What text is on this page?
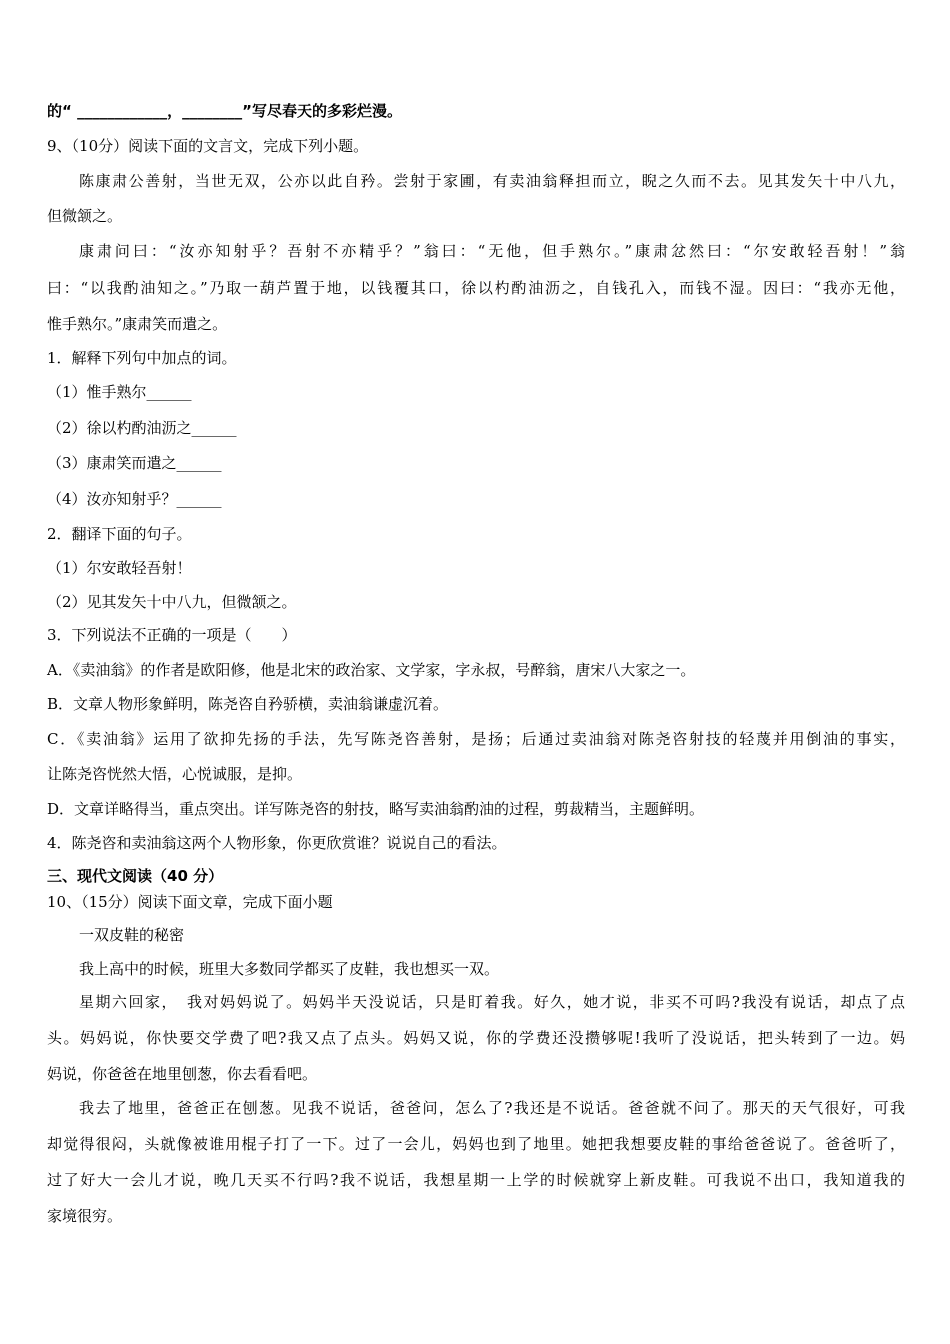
的“ ____________，________”写尽春天的多彩烂漫。
9、（10分）阅读下面的文言文，完成下列小题。
陈康肃公善射，当世无双，公亦以此自矜。尝射于家圃，有卖油翁释担而立，睨之久而不去。见其发矢十中八九，
但微颔之。
康肃问曰：“汝亦知射乎？吾射不亦精乎？”翁曰：“无他，但手熟尔。”康肃忿然曰：“尔安敢轻吾射！”翁
曰：“以我酌油知之。”乃取一葫芦置于地，以钱覆其口，徐以杓酌油沥之，自钱孔入，而钱不湿。因曰：“我亦无他，
惟手熟尔。”康肃笑而遣之。
1．解释下列句中加点的词。
（1）惟手熟尔______
（2）徐以杓酌油沥之______
（3）康肃笑而遣之______
（4）汝亦知射乎？______
2．翻译下面的句子。
（1）尔安敢轻吾射！
（2）见其发矢十中八九，但微颔之。
3．下列说法不正确的一项是（　　）
A．《卖油翁》的作者是欧阳修，他是北宋的政治家、文学家，字永叔，号醉翁，唐宋八大家之一。
B．文章人物形象鲜明，陈尧咨自矜骄横，卖油翁谦虚沉着。
C．《卖油翁》运用了欲抑先扬的手法，先写陈尧咨善射，是扬；后通过卖油翁对陈尧咨射技的轻蔑并用倒油的事实，
让陈尧咨恍然大悟，心悦诚服，是抑。
D．文章详略得当，重点突出。详写陈尧咨的射技，略写卖油翁酌油的过程，剪裁精当，主题鲜明。
4．陈尧咨和卖油翁这两个人物形象，你更欣赏谁？说说自己的看法。
三、现代文阅读（40 分）
10、（15分）阅读下面文章，完成下面小题
一双皮鞋的秘密
我上高中的时候，班里大多数同学都买了皮鞋，我也想买一双。
星期六回家，　我对妈妈说了。妈妈半天没说话，只是盯着我。好久，她才说，非买不可吗?我没有说话，却点了点
头。妈妈说，你快要交学费了吧?我又点了点头。妈妈又说，你的学费还没攒够呢!我听了没说话，把头转到了一边。妈
妈说，你爸爸在地里刨葱，你去看看吧。
我去了地里，爸爸正在刨葱。见我不说话，爸爸问，怎么了?我还是不说话。爸爸就不问了。那天的天气很好，可我
却觉得很闷，头就像被谁用棍子打了一下。过了一会儿，妈妈也到了地里。她把我想要皮鞋的事给爸爸说了。爸爸听了，
过了好大一会儿才说，晚几天买不行吗?我不说话，我想星期一上学的时候就穿上新皮鞋。可我说不出口，我知道我的
家境很穷。
